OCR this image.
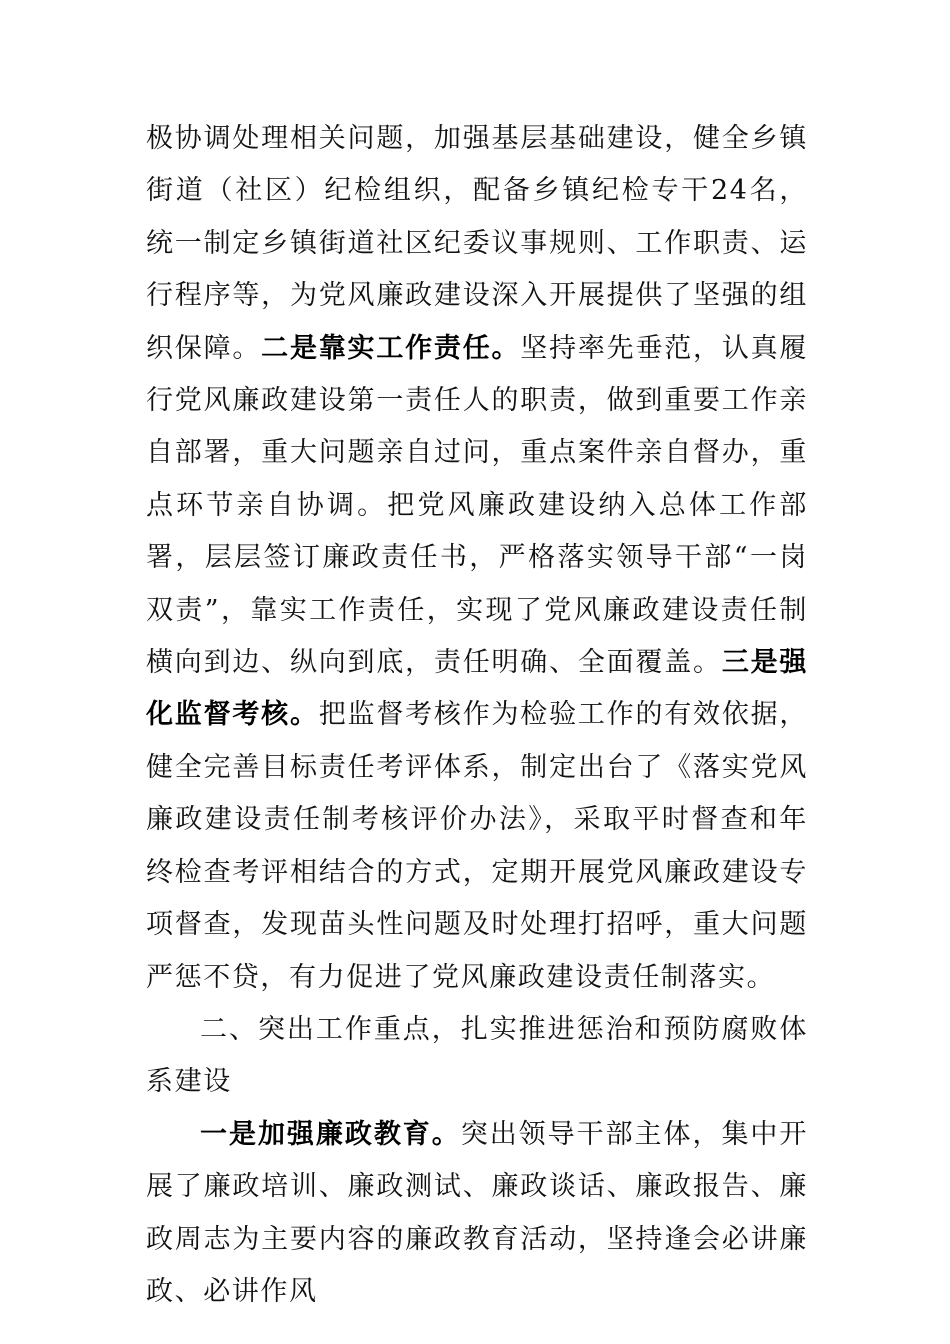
极协调处理相关问题，加强基层基础建设，健全乡镇街道（社区）纪检组织，配备乡镇纪检专干24名，统一制定乡镇街道社区纪委议事规则、工作职责、运行程序等，为党风廉政建设深入开展提供了坚强的组织保障。二是靠实工作责任。坚持率先垂范，认真履行党风廉政建设第一责任人的职责，做到重要工作亲自部署，重大问题亲自过问，重点案件亲自督办，重点环节亲自协调。把党风廉政建设纳入总体工作部署，层层签订廉政责任书，严格落实领导干部“一岗双责”，靠实工作责任，实现了党风廉政建设责任制横向到边、纵向到底，责任明确、全面覆盖。三是强化监督考核。把监督考核作为检验工作的有效依据，健全完善目标责任考评体系，制定出台了《落实党风廉政建设责任制考核评价办法》，采取平时督查和年终检查考评相结合的方式，定期开展党风廉政建设专项督查，发现苗头性问题及时处理打招呼，重大问题严惩不贷，有力促进了党风廉政建设责任制落实。

二、突出工作重点，扎实推进惩治和预防腐败体系建设

一是加强廉政教育。突出领导干部主体，集中开展了廉政培训、廉政测试、廉政谈话、廉政报告、廉政周志为主要内容的廉政教育活动，坚持逢会必讲廉政、必讲作风
